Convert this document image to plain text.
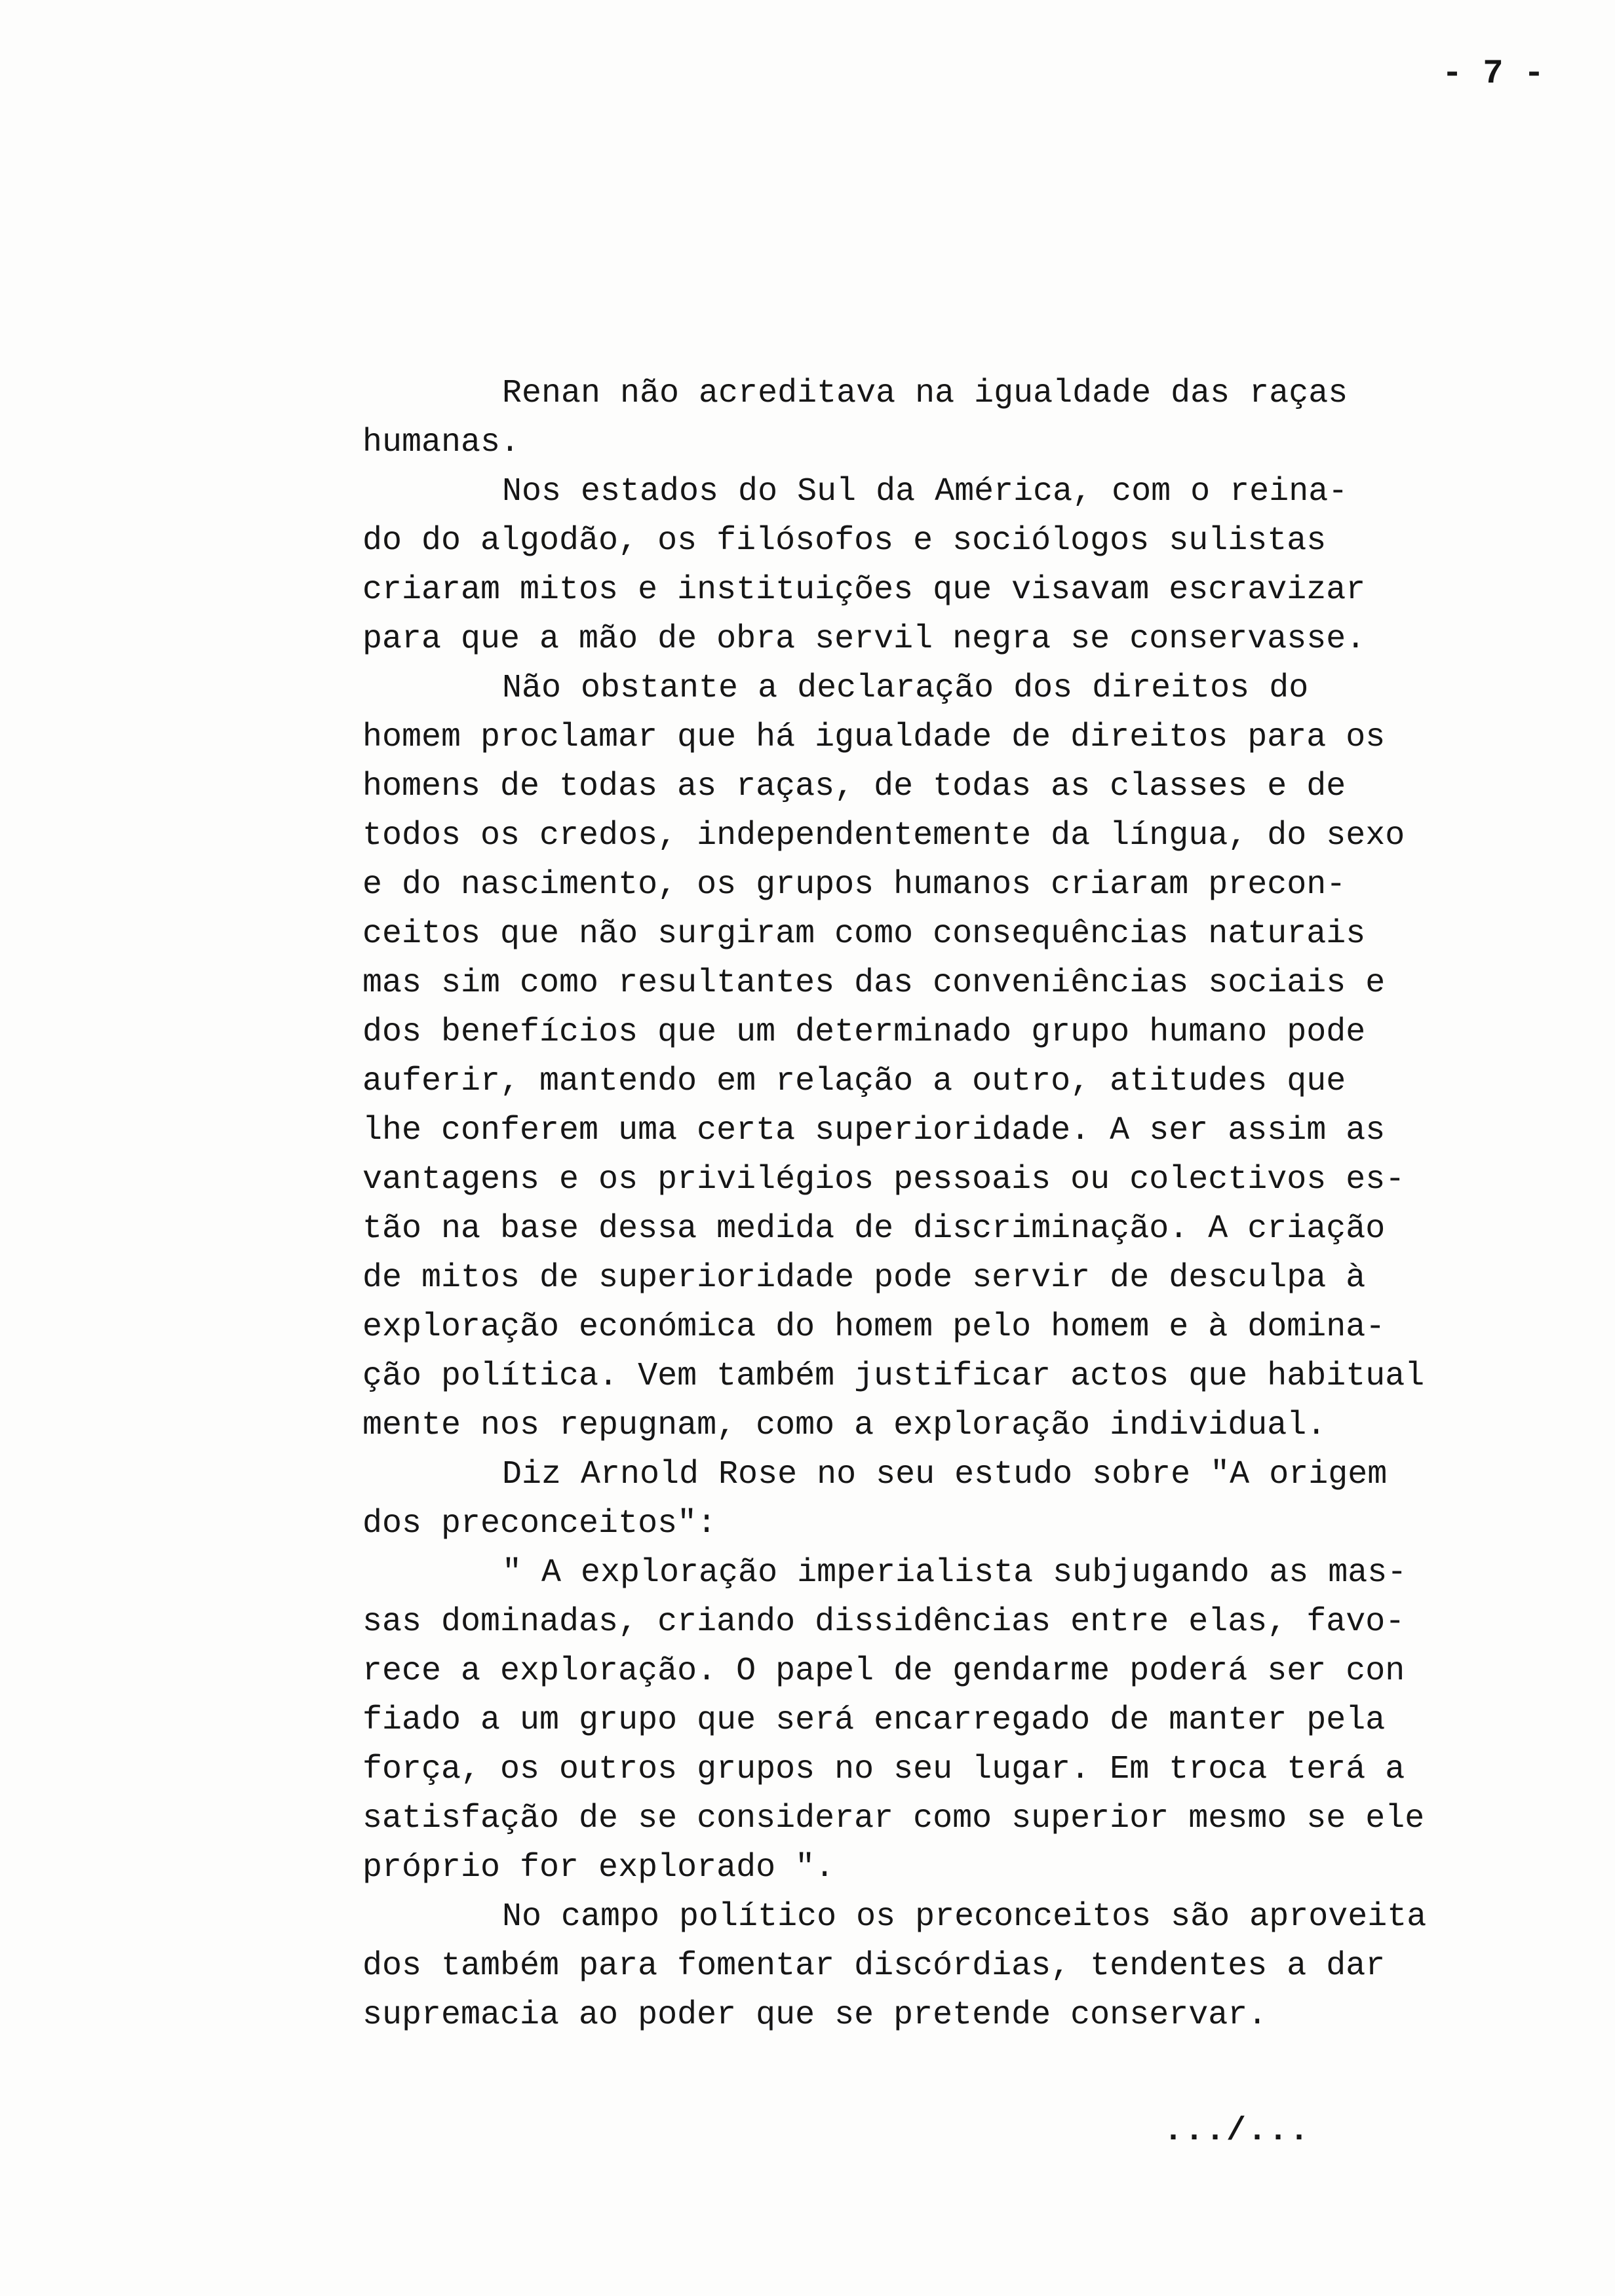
- 7 -
Renan não acreditava na igualdade das raças
humanas.
Nos estados do Sul da América, com o reina-
do do algodão, os filósofos e sociólogos sulistas
criaram mitos e instituições que visavam escravizar
para que a mão de obra servil negra se conservasse.
Não obstante a declaração dos direitos do
homem proclamar que há igualdade de direitos para os
homens de todas as raças, de todas as classes e de
todos os credos, independentemente da língua, do sexo
e do nascimento, os grupos humanos criaram precon-
ceitos que não surgiram como consequências naturais
mas sim como resultantes das conveniências sociais e
dos benefícios que um determinado grupo humano pode
auferir, mantendo em relação a outro, atitudes que
lhe conferem uma certa superioridade. A ser assim as
vantagens e os privilégios pessoais ou colectivos es-
tão na base dessa medida de discriminação. A criação
de mitos de superioridade pode servir de desculpa à
exploração económica do homem pelo homem e à domina-
ção política. Vem também justificar actos que habitual
mente nos repugnam, como a exploração individual.
Diz Arnold Rose no seu estudo sobre "A origem
dos preconceitos":
" A exploração imperialista subjugando as mas-
sas dominadas, criando dissidências entre elas, favo-
rece a exploração. O papel de gendarme poderá ser con
fiado a um grupo que será encarregado de manter pela
força, os outros grupos no seu lugar. Em troca terá a
satisfação de se considerar como superior mesmo se ele
próprio for explorado ".
No campo político os preconceitos são aproveita
dos também para fomentar discórdias, tendentes a dar
supremacia ao poder que se pretende conservar.
.../...
